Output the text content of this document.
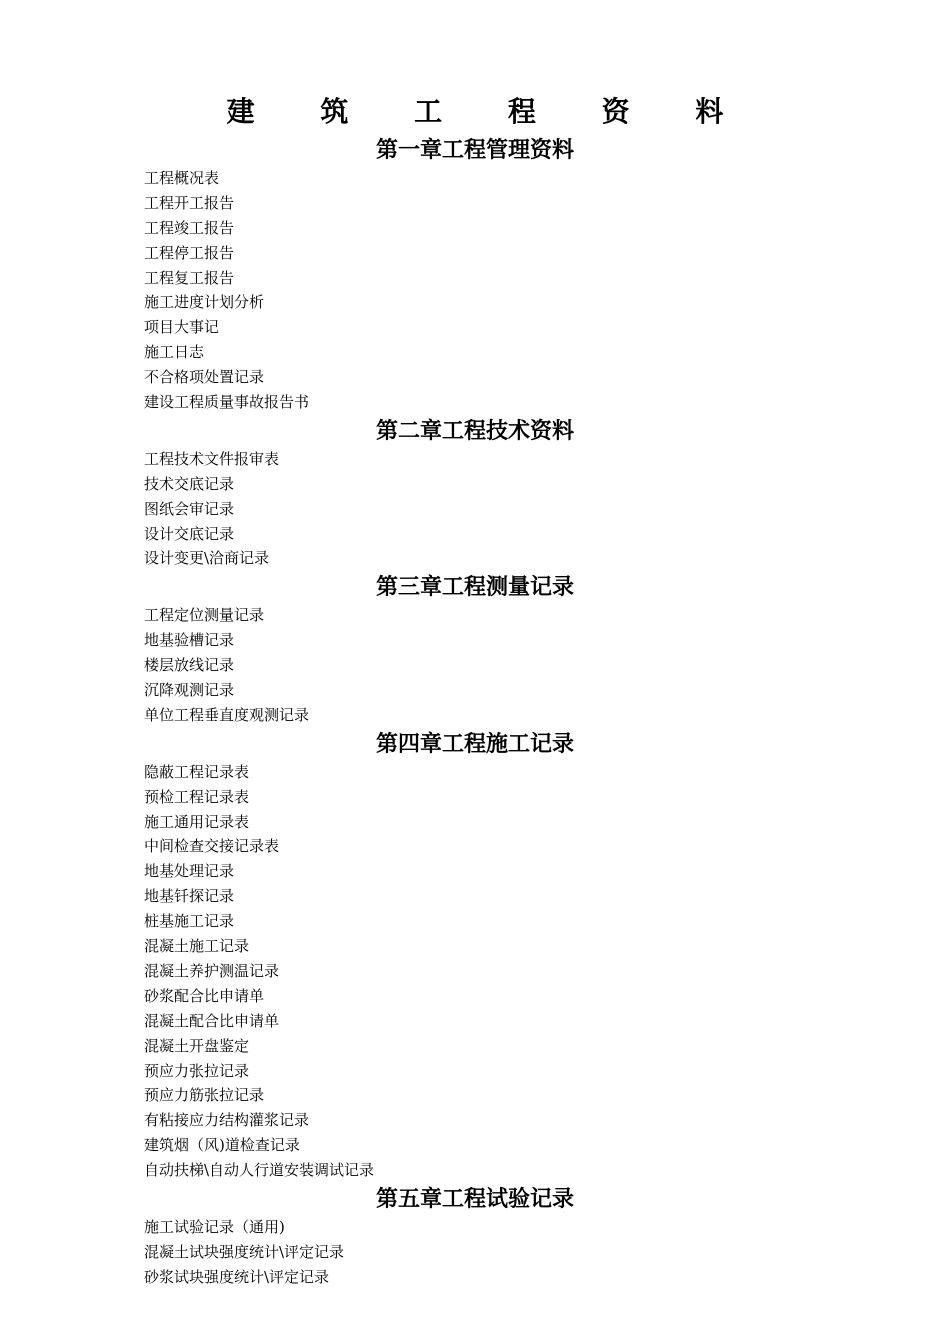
建 筑 工 程 资 料
第一章工程管理资料
工程概况表
工程开工报告
工程竣工报告
工程停工报告
工程复工报告
施工进度计划分析
项目大事记
施工日志
不合格项处置记录
建设工程质量事故报告书
第二章工程技术资料
工程技术文件报审表
技术交底记录
图纸会审记录
设计交底记录
设计变更\洽商记录
第三章工程测量记录
工程定位测量记录
地基验槽记录
楼层放线记录
沉降观测记录
单位工程垂直度观测记录
第四章工程施工记录
隐蔽工程记录表
预检工程记录表
施工通用记录表
中间检查交接记录表
地基处理记录
地基钎探记录
桩基施工记录
混凝土施工记录
混凝土养护测温记录
砂浆配合比申请单
混凝土配合比申请单
混凝土开盘鉴定
预应力张拉记录
预应力筋张拉记录
有粘接应力结构灌浆记录
建筑烟（风)道检查记录
自动扶梯\自动人行道安装调试记录
第五章工程试验记录
施工试验记录（通用)
混凝土试块强度统计\评定记录
砂浆试块强度统计\评定记录
